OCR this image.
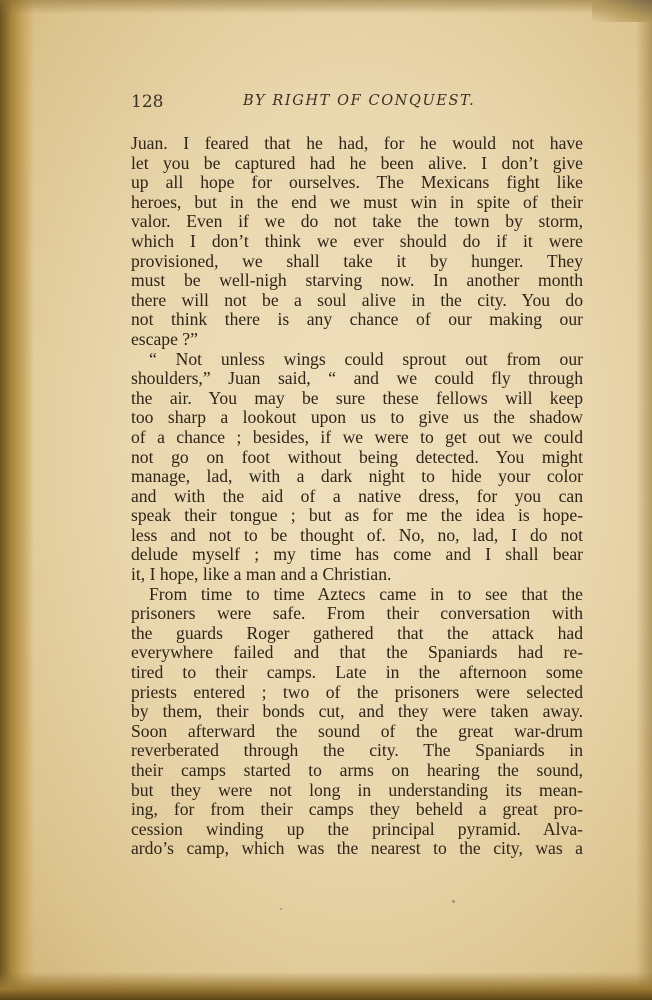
128	BY RIGHT OF CONQUEST.
Juan. I feared that he had, for he would not have
let you be captured had he been alive. I don’t give
up all hope for ourselves. The Mexicans fight like
heroes, but in the end we must win in spite of their
valor. Even if we do not take the town by storm,
which I don’t think we ever should do if it were
provisioned, we shall take it by hunger. They
must be well-nigh starving now. In another month
there will not be a soul alive in the city. You do
not think there is any chance of our making our
escape ?”
“ Not unless wings could sprout out from our
shoulders,” Juan said, “ and we could fly through
the air. You may be sure these fellows will keep
too sharp a lookout upon us to give us the shadow
of a chance ; besides, if we were to get out we could
not go on foot without being detected. You might
manage, lad, with a dark night to hide your color
and with the aid of a native dress, for you can
speak their tongue ; but as for me the idea is hope-
less and not to be thought of. No, no, lad, I do not
delude myself ; my time has come and I shall bear
it, I hope, like a man and a Christian.
From time to time Aztecs came in to see that the
prisoners were safe. From their conversation with
the guards Roger gathered that the attack had
everywhere failed and that the Spaniards had re-
tired to their camps. Late in the afternoon some
priests entered ; two of the prisoners were selected
by them, their bonds cut, and they were taken away.
Soon afterward the sound of the great war-drum
reverberated through the city. The Spaniards in
their camps started to arms on hearing the sound,
but they were not long in understanding its mean-
ing, for from their camps they beheld a great pro-
cession winding up the principal pyramid. Alva-
ardo’s camp, which was the nearest to the city, was a
